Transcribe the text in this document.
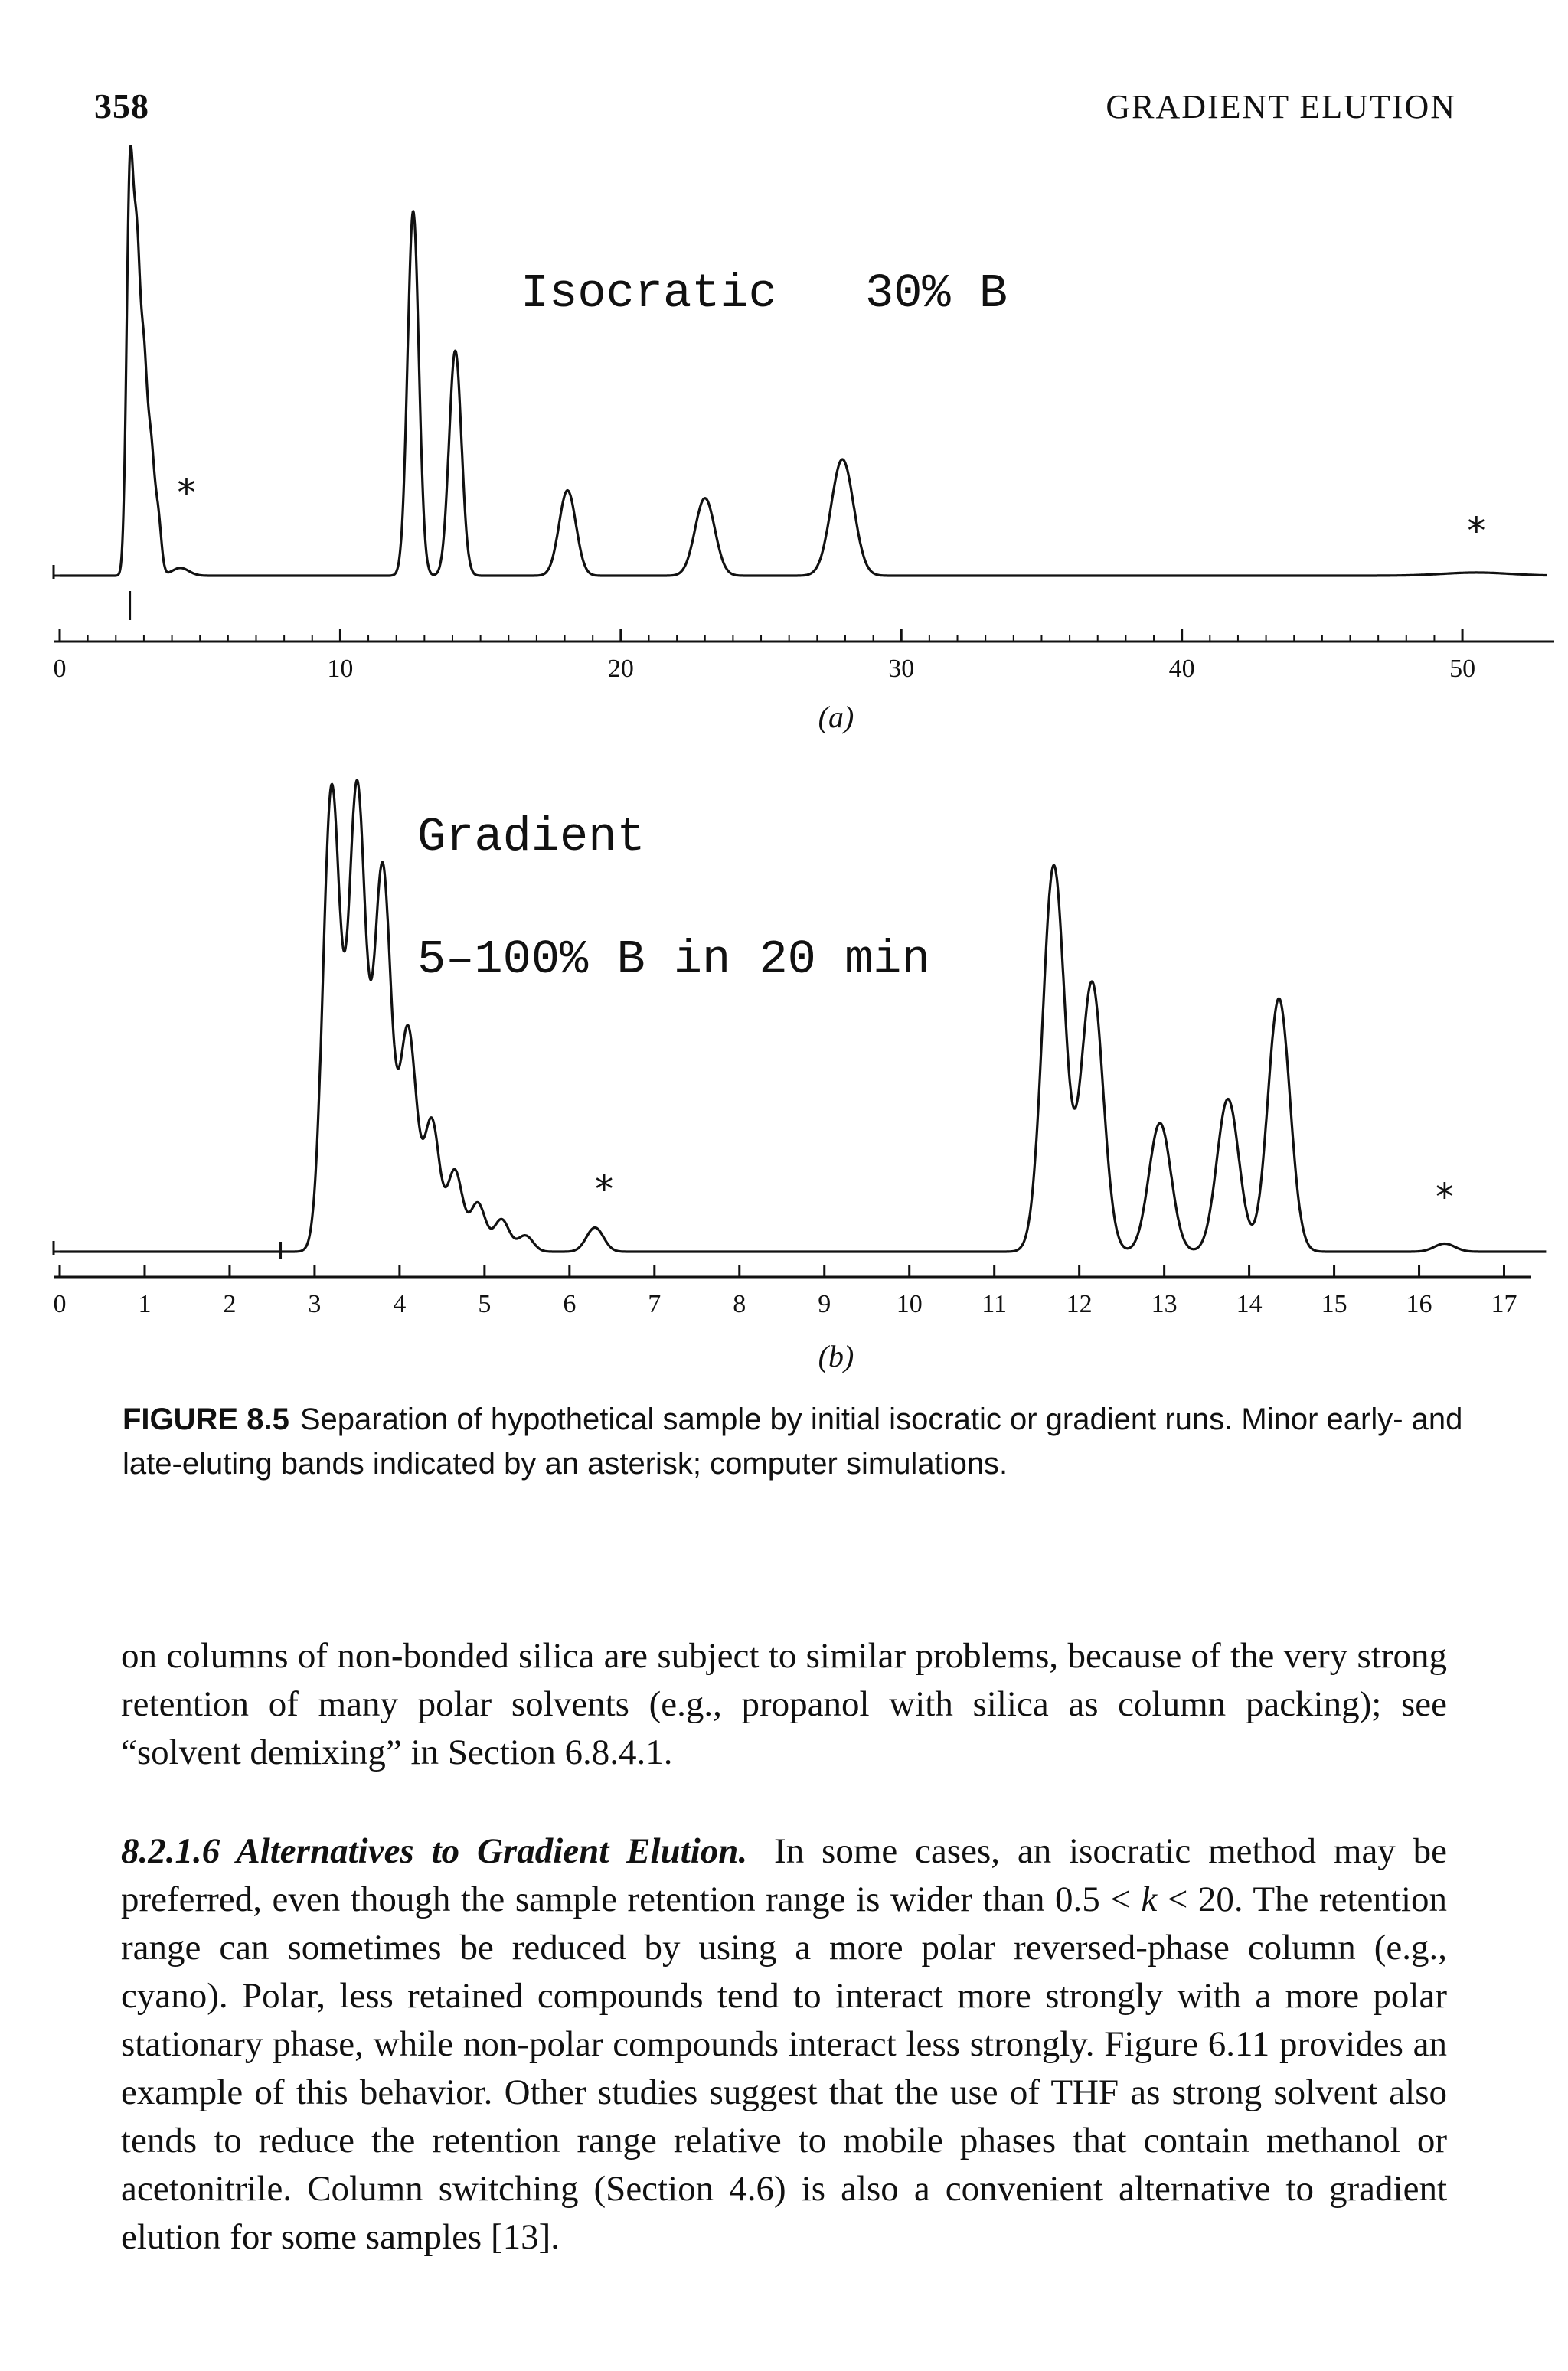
358	GRADIENT ELUTION
0	10	20	30	40	50
*
*
Isocratic 30% B
(a)
0	1	2	3	4	5	6	7	8	9	10 11 12 13 14 15 16 17
*	*
Gradient
5–100% B in 20 min
(b)
FIGURE 8.5 Separation of hypothetical sample by initial isocratic or gradient runs. Minor early- and late-eluting bands indicated by an asterisk; computer simulations.

on columns of non-bonded silica are subject to similar problems, because of the very strong retention of many polar solvents (e.g., propanol with silica as column packing); see “solvent demixing” in Section 6.8.4.1.

8.2.1.6 Alternatives to Gradient Elution. In some cases, an isocratic method may be preferred, even though the sample retention range is wider than 0.5 < k < 20. The retention range can sometimes be reduced by using a more polar reversed-phase column (e.g., cyano). Polar, less retained compounds tend to interact more strongly with a more polar stationary phase, while non-polar compounds interact less strongly. Figure 6.11 provides an example of this behavior. Other studies suggest that the use of THF as strong solvent also tends to reduce the retention range relative to mobile phases that contain methanol or acetonitrile. Column switching (Section 4.6) is also a convenient alternative to gradient elution for some samples [13].
